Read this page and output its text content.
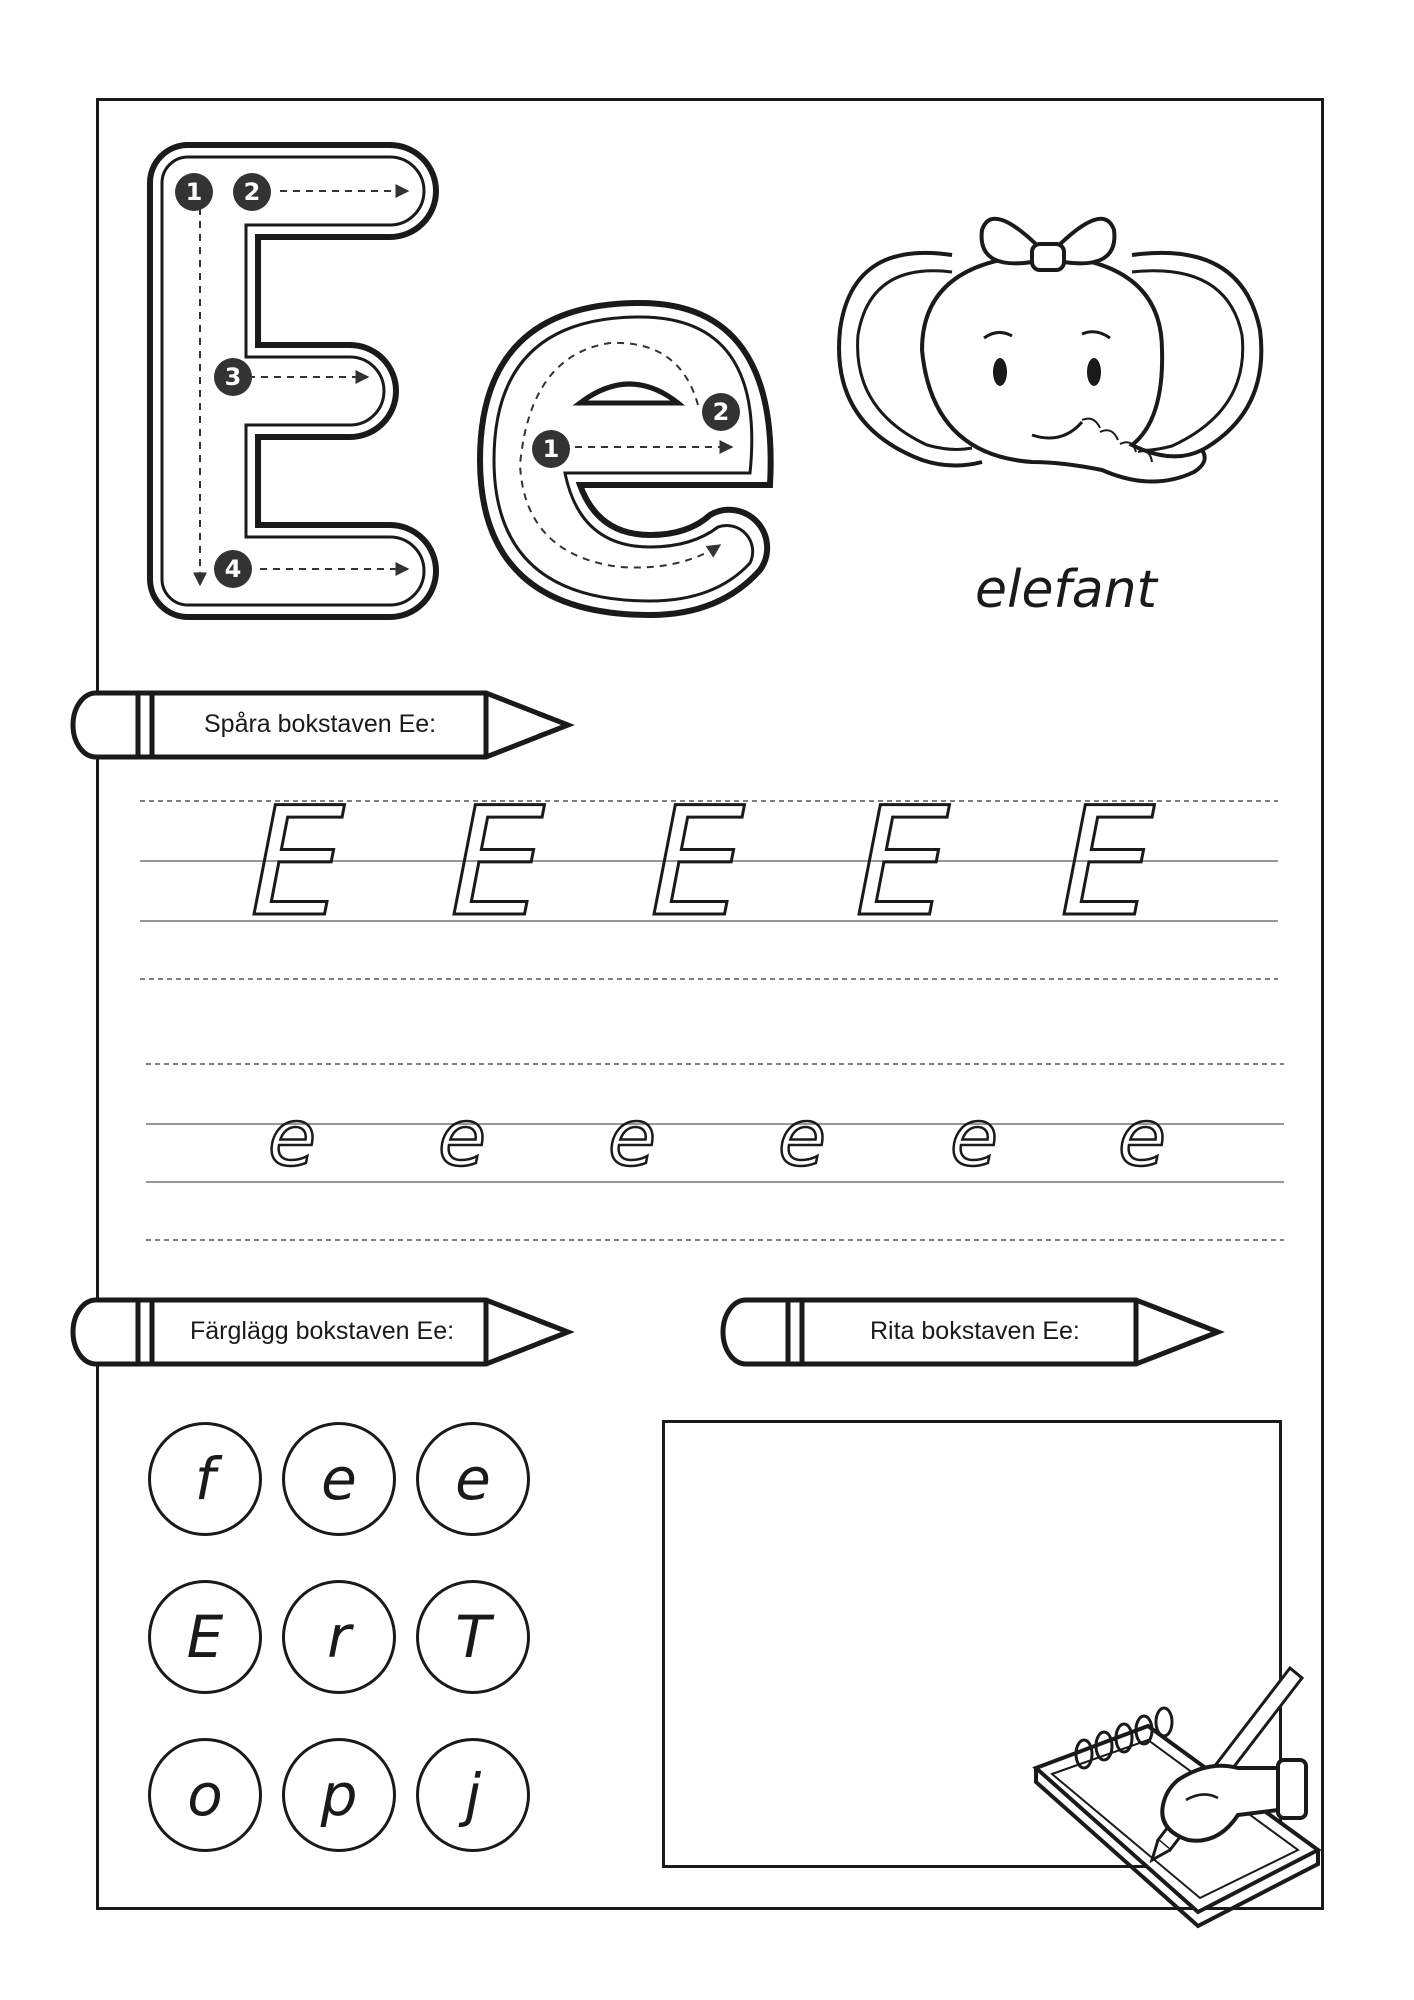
1	2
3
4
1
2
elefant
Spåra bokstaven Ee:
E E E E E
e e e e e e
Färglägg bokstaven Ee:	Rita bokstaven Ee:
f	e	e
E	r	T
o	p	j
